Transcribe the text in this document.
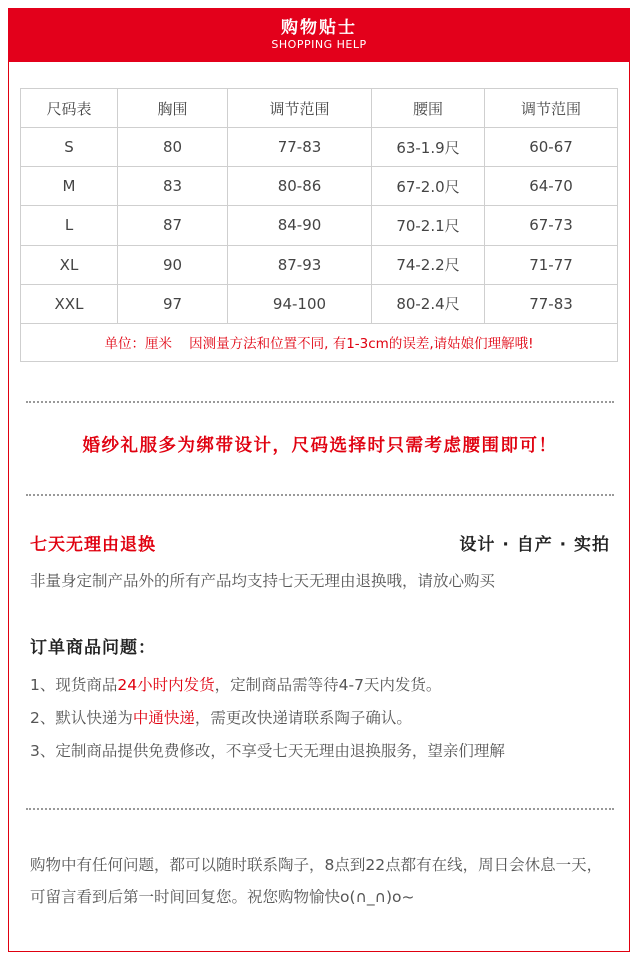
购物贴士
SHOPPING HELP
尺码表	胸围	调节范围	腰围	调节范围
S	80	77-83	63-1.9尺	60-67
M	83	80-86	67-2.0尺	64-70
L	87	84-90	70-2.1尺	67-73
XL	90	87-93	74-2.2尺	71-77
XXL	97	94-100	80-2.4尺	77-83
单位：厘米    因测量方法和位置不同, 有1-3cm的误差,请姑娘们理解哦!				
婚纱礼服多为绑带设计，尺码选择时只需考虑腰围即可！
七天无理由退换	设计 · 自产 · 实拍
非量身定制产品外的所有产品均支持七天无理由退换哦，请放心购买
订单商品问题：
1、现货商品24小时内发货，定制商品需等待4-7天内发货。
2、默认快递为中通快递，需更改快递请联系陶子确认。
3、定制商品提供免费修改，不享受七天无理由退换服务，望亲们理解
购物中有任何问题，都可以随时联系陶子，8点到22点都有在线，周日会休息一天，可留言看到后第一时间回复您。祝您购物愉快o(∩_∩)o~
